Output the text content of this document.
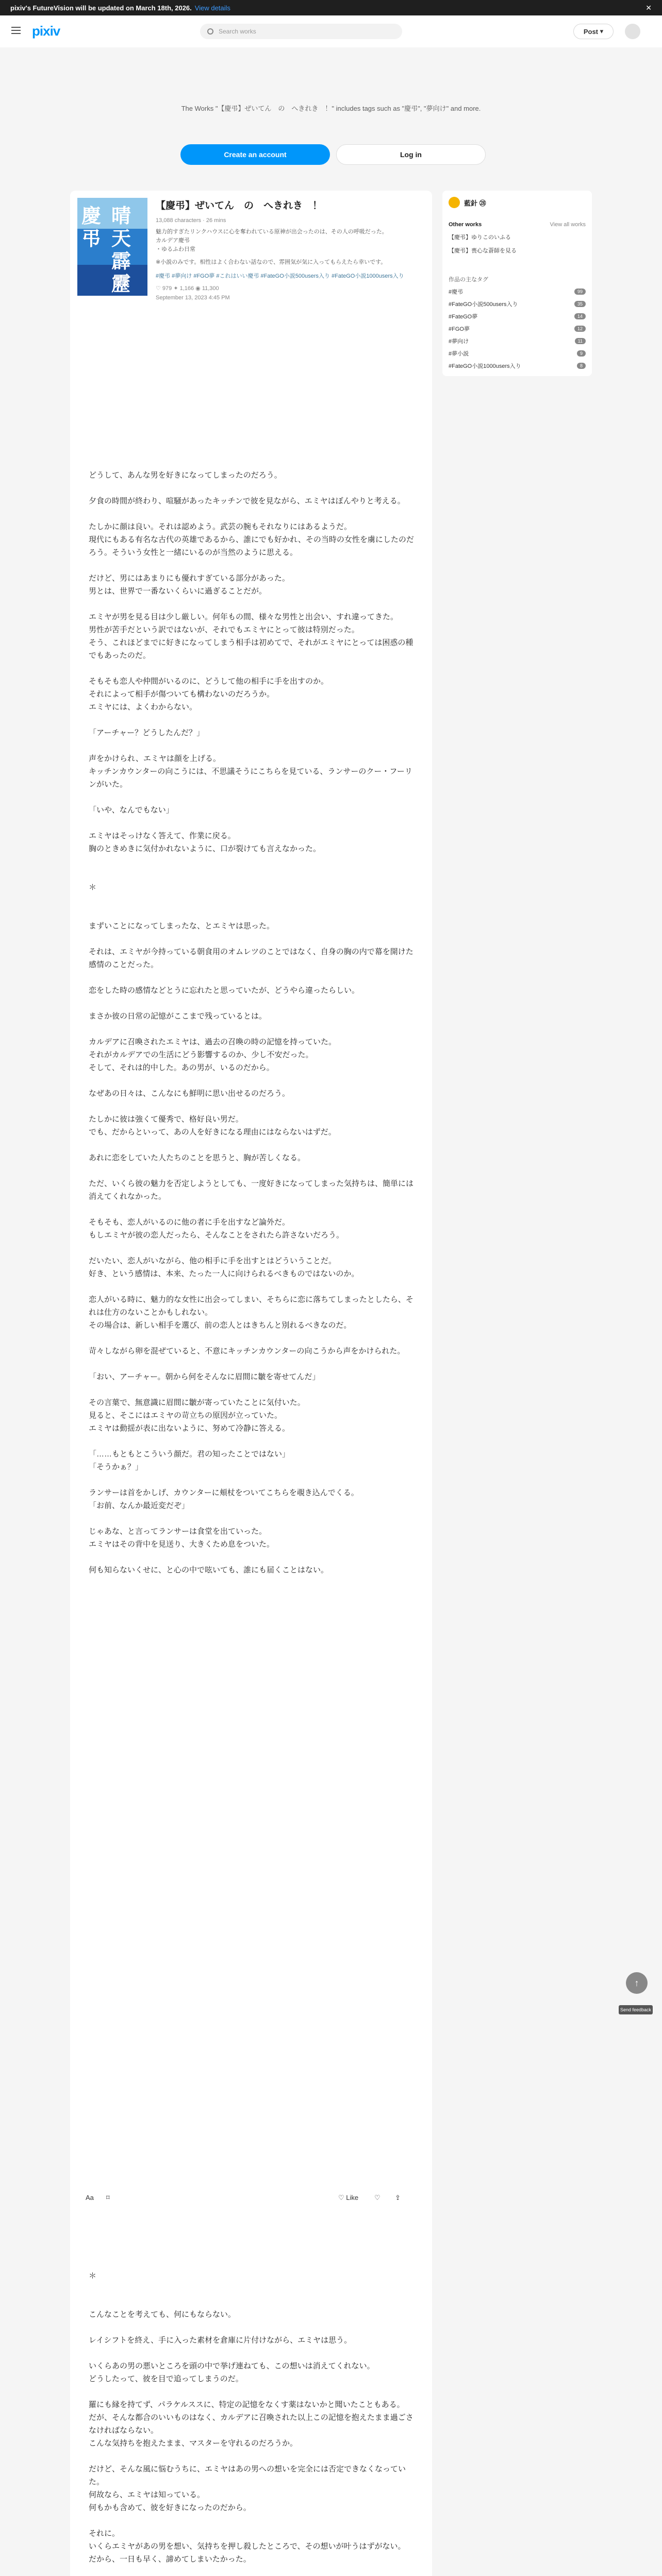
pixiv's FutureVision will be updated on March 18th, 2026. View details	✕
pixiv	Search works	Post ▾
The Works "【慶弔】ぜいてん　の　へきれき　！" includes tags such as "慶弔", "夢向け" and more.
Create an account	Log in
慶弔
晴天霹靂
【慶弔】ぜいてん　の　へきれき　！
13,088 characters · 26 mins
魅力的すぎたリンクハウスに心を奪われている原神が出会ったのは、その人の呼吸だった。
カルデア慶弔
・ゆるふわ日常
※小説のみです。相性はよく合わない話なので、雰囲気が気に入ってもらえたら幸いです。
#慶弔 #夢向け #FGO夢 #これはいい慶弔 #FateGO小説500users入り #FateGO小説1000users入り
♡ 979 ✦ 1,166 ◉ 11,300
September 13, 2023 4:45 PM
どうして、あんな男を好きになってしまったのだろう。

夕食の時間が終わり、喧騒があったキッチンで彼を見ながら、エミヤはぼんやりと考える。

たしかに顔は良い。それは認めよう。武芸の腕もそれなりにはあるようだ。
現代にもある有名な古代の英雄であるから、誰にでも好かれ、その当時の女性を虜にしたのだろう。そういう女性と一緒にいるのが当然のように思える。

だけど、男にはあまりにも優れすぎている部分があった。
男とは、世界で一番ないくらいに過ぎることだが。

エミヤが男を見る目は少し厳しい。何年もの間、様々な男性と出会い、すれ違ってきた。
男性が苦手だという訳ではないが、それでもエミヤにとって彼は特別だった。
そう、これほどまでに好きになってしまう相手は初めてで、それがエミヤにとっては困惑の種でもあったのだ。

そもそも恋人や仲間がいるのに、どうして他の相手に手を出すのか。
それによって相手が傷ついても構わないのだろうか。
エミヤには、よくわからない。

「アーチャー？どうしたんだ？」

声をかけられ、エミヤは顔を上げる。
キッチンカウンターの向こうには、不思議そうにこちらを見ている、ランサーのクー・フーリンがいた。

「いや、なんでもない」

エミヤはそっけなく答えて、作業に戻る。
胸のときめきに気付かれないように、口が裂けても言えなかった。

＊

まずいことになってしまったな、とエミヤは思った。

それは、エミヤが今持っている朝食用のオムレツのことではなく、自身の胸の内で幕を開けた感情のことだった。

恋をした時の感情などとうに忘れたと思っていたが、どうやら違ったらしい。

まさか彼の日常の記憶がここまで残っているとは。

カルデアに召喚されたエミヤは、過去の召喚の時の記憶を持っていた。
それがカルデアでの生活にどう影響するのか、少し不安だった。
そして、それは的中した。あの男が、いるのだから。

なぜあの日々は、こんなにも鮮明に思い出せるのだろう。

たしかに彼は強くて優秀で、格好良い男だ。
でも、だからといって、あの人を好きになる理由にはならないはずだ。

あれに恋をしていた人たちのことを思うと、胸が苦しくなる。

ただ、いくら彼の魅力を否定しようとしても、一度好きになってしまった気持ちは、簡単には消えてくれなかった。

そもそも、恋人がいるのに他の者に手を出すなど論外だ。
もしエミヤが彼の恋人だったら、そんなことをされたら許さないだろう。

だいたい、恋人がいながら、他の相手に手を出すとはどういうことだ。
好き、という感情は、本来、たった一人に向けられるべきものではないのか。

恋人がいる時に、魅力的な女性に出会ってしまい、そちらに恋に落ちてしまったとしたら、それは仕方のないことかもしれない。
その場合は、新しい相手を選び、前の恋人とはきちんと別れるべきなのだ。

苛々しながら卵を混ぜていると、不意にキッチンカウンターの向こうから声をかけられた。

「おい、アーチャー。朝から何をそんなに眉間に皺を寄せてんだ」

その言葉で、無意識に眉間に皺が寄っていたことに気付いた。
見ると、そこにはエミヤの苛立ちの原因が立っていた。
エミヤは動揺が表に出ないように、努めて冷静に答える。

「……もともとこういう顔だ。君の知ったことではない」
「そうかぁ？」

ランサーは首をかしげ、カウンターに頬杖をついてこちらを覗き込んでくる。
「お前、なんか最近変だぞ」

じゃあな、と言ってランサーは食堂を出ていった。
エミヤはその背中を見送り、大きくため息をついた。

何も知らないくせに、と心の中で呟いても、誰にも届くことはない。
Aa ⌑	♡ Like ♡ ⇪

＊

こんなことを考えても、何にもならない。

レイシフトを終え、手に入った素材を倉庫に片付けながら、エミヤは思う。

いくらあの男の悪いところを頭の中で挙げ連ねても、この想いは消えてくれない。
どうしたって、彼を目で追ってしまうのだ。

羅にも縁を持てず、パラケルススに、特定の記憶をなくす薬はないかと聞いたこともある。
だが、そんな都合のいいものはなく、カルデアに召喚された以上この記憶を抱えたまま過ごさなければならない。
こんな気持ちを抱えたまま、マスターを守れるのだろうか。

だけど、そんな風に悩むうちに、エミヤはあの男への想いを完全には否定できなくなっていた。
何故なら、エミヤは知っている。
何もかも含めて、彼を好きになったのだから。

それに。
いくらエミヤがあの男を想い、気持ちを押し殺したところで、その想いが叶うはずがない。
だから、一日も早く、諦めてしまいたかった。

藍針 ㉘
Other works	View all works
【慶弔】ゆりこのいふる
【慶弔】喪心な蒼師を見る
作品の主なタグ
#慶弔	99
#FateGO小説500users入り	35
#FateGO夢	14
#FGO夢	12
#夢向け	11
#夢小説	9
#FateGO小説1000users入り	8
↑
Send feedback
